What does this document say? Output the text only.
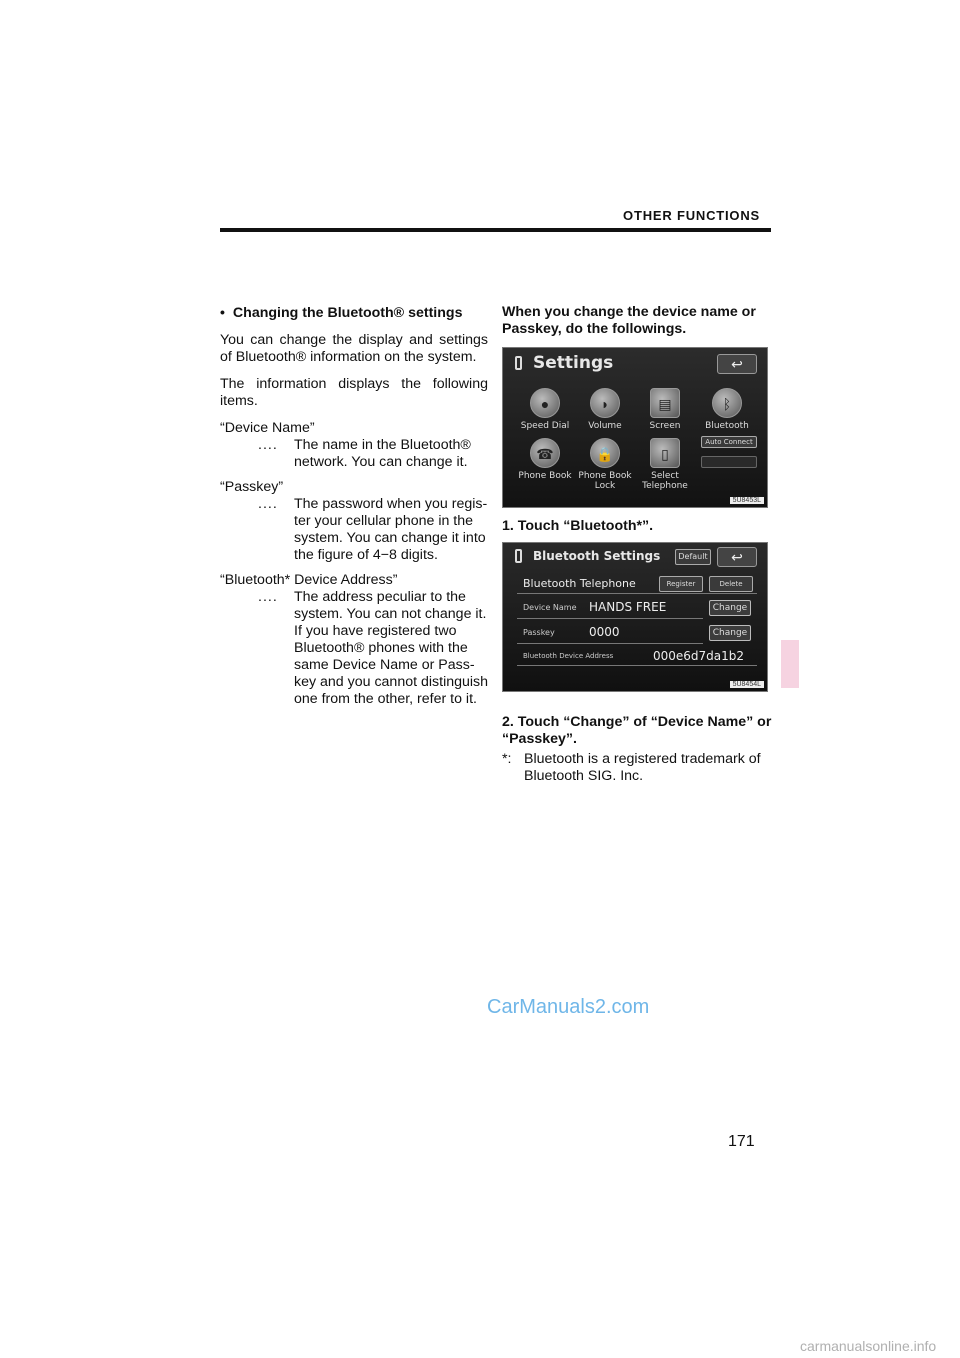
OTHER FUNCTIONS
• Changing the Bluetooth® settings

You can change the display and settings of Bluetooth® information on the system.

The information displays the following items.

“Device Name”
....	The name in the Bluetooth®
network. You can change it.
“Passkey”
....	The password when you regis-
ter your cellular phone in the
system. You can change it into
the figure of 4−8 digits.
“Bluetooth* Device Address”
....	The address peculiar to the
system. You can not change it.
If you have registered two
Bluetooth® phones with the
same Device Name or Pass-
key and you cannot distinguish
one from the other, refer to it.

When you change the device name or Passkey, do the followings.

1. Touch “Bluetooth*”.

2. Touch “Change” of “Device Name” or “Passkey”.

*: Bluetooth is a registered trademark of Bluetooth SIG. Inc.
Settings	↩
●
Speed Dial
◗
Volume
▤
Screen
ᛒ
Bluetooth
☎
Phone Book
🔒
Phone Book Lock
▯
Select Telephone
Auto Connect
5U8453L
Bluetooth Settings	Default	↩
Bluetooth Telephone	Register	Delete
Device Name HANDS FREE	Change
Passkey	0000	Change
Bluetooth Device Address	000e6d7da1b2
5U8454L
CarManuals2.com
171
carmanualsonline.info
